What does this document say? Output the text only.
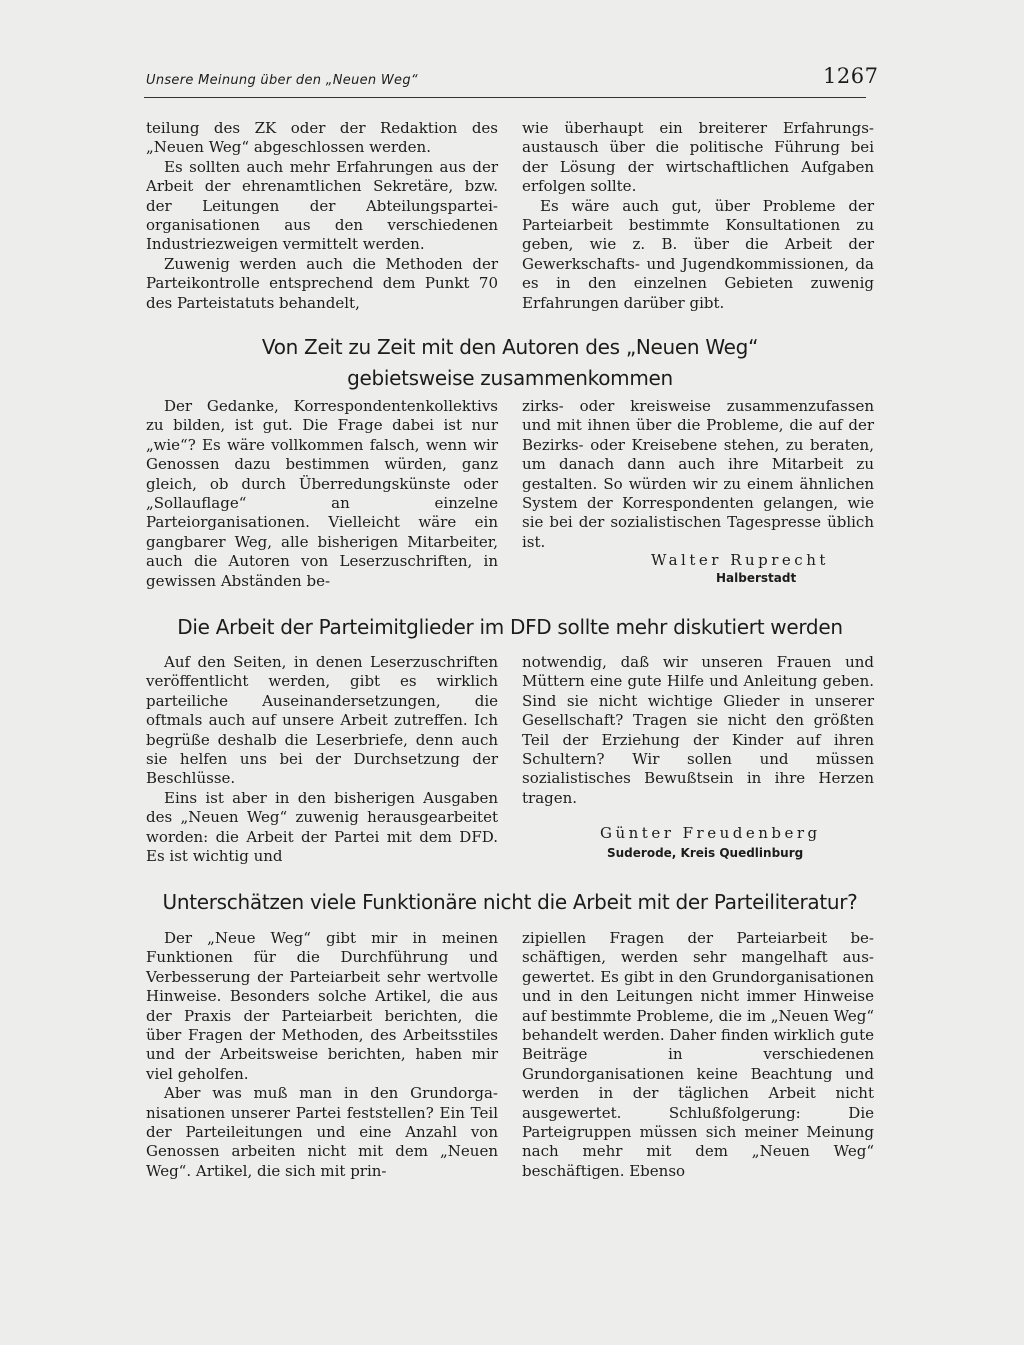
Unsere Meinung über den „Neuen Weg“	1267

teilung des ZK oder der Redaktion des „Neuen Weg“ abgeschlossen werden.

Es sollten auch mehr Erfahrungen aus der Arbeit der ehrenamtlichen Sekretäre, bzw. der Leitungen der Abteilungsparteiorganisationen aus den verschiedenen Industriezweigen vermittelt werden.

Zuwenig werden auch die Methoden der Parteikontrolle entsprechend dem Punkt 70 des Parteistatuts behandelt,

wie überhaupt ein breiterer Erfahrungsaustausch über die politische Führung bei der Lösung der wirtschaftlichen Aufgaben erfolgen sollte.

Es wäre auch gut, über Probleme der Parteiarbeit bestimmte Konsultationen zu geben, wie z. B. über die Arbeit der Gewerkschafts- und Jugendkommissionen, da es in den einzelnen Gebieten zuwenig Erfahrungen darüber gibt.

Von Zeit zu Zeit mit den Autoren des „Neuen Weg“
gebietsweise zusammenkommen

Der Gedanke, Korrespondentenkollektivs zu bilden, ist gut. Die Frage dabei ist nur „wie“? Es wäre vollkommen falsch, wenn wir Genossen dazu bestimmen würden, ganz gleich, ob durch Überredungskünste oder „Sollauflage“ an einzelne Parteiorganisationen. Vielleicht wäre ein gangbarer Weg, alle bisherigen Mitarbeiter, auch die Autoren von Leserzuschriften, in gewissen Abständen be-

zirks- oder kreisweise zusammenzufassen und mit ihnen über die Probleme, die auf der Bezirks- oder Kreisebene stehen, zu beraten, um danach dann auch ihre Mitarbeit zu gestalten. So würden wir zu einem ähnlichen System der Korrespondenten gelangen, wie sie bei der sozialistischen Tagespresse üblich ist.

Walter Ruprecht
Halberstadt
Die Arbeit der Parteimitglieder im DFD sollte mehr diskutiert werden

Auf den Seiten, in denen Leserzuschriften veröffentlicht werden, gibt es wirklich parteiliche Auseinandersetzungen, die oftmals auch auf unsere Arbeit zutreffen. Ich begrüße deshalb die Leserbriefe, denn auch sie helfen uns bei der Durchsetzung der Beschlüsse.

Eins ist aber in den bisherigen Ausgaben des „Neuen Weg“ zuwenig herausgearbeitet worden: die Arbeit der Partei mit dem DFD. Es ist wichtig und

notwendig, daß wir unseren Frauen und Müttern eine gute Hilfe und Anleitung geben. Sind sie nicht wichtige Glieder in unserer Gesellschaft? Tragen sie nicht den größten Teil der Erziehung der Kinder auf ihren Schultern? Wir sollen und müssen sozialistisches Bewußtsein in ihre Herzen tragen.

Günter Freudenberg
Suderode, Kreis Quedlinburg
Unterschätzen viele Funktionäre nicht die Arbeit mit der Parteiliteratur?

Der „Neue Weg“ gibt mir in meinen Funktionen für die Durchführung und Verbesserung der Parteiarbeit sehr wertvolle Hinweise. Besonders solche Artikel, die aus der Praxis der Parteiarbeit berichten, die über Fragen der Methoden, des Arbeitsstiles und der Arbeitsweise berichten, haben mir viel geholfen.

Aber was muß man in den Grundorganisationen unserer Partei feststellen? Ein Teil der Parteileitungen und eine Anzahl von Genossen arbeiten nicht mit dem „Neuen Weg“. Artikel, die sich mit prin-

zipiellen Fragen der Parteiarbeit beschäftigen, werden sehr mangelhaft ausgewertet. Es gibt in den Grundorganisationen und in den Leitungen nicht immer Hinweise auf bestimmte Probleme, die im „Neuen Weg“ behandelt werden. Daher finden wirklich gute Beiträge in verschiedenen Grundorganisationen keine Beachtung und werden in der täglichen Arbeit nicht ausgewertet. Schlußfolgerung: Die Parteigruppen müssen sich meiner Meinung nach mehr mit dem „Neuen Weg“ beschäftigen. Ebenso
